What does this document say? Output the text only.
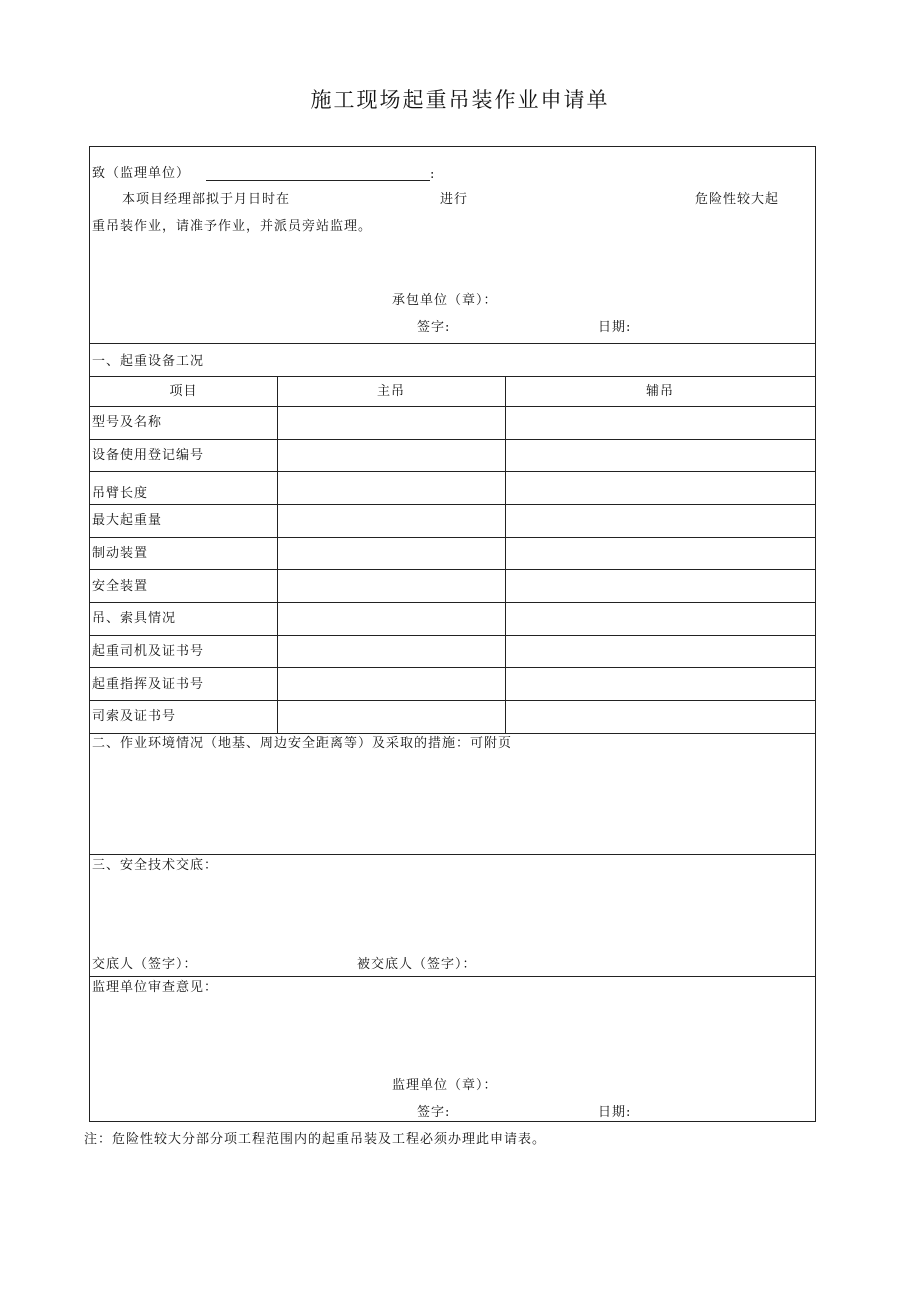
施工现场起重吊装作业申请单
致（监理单位）	:
本项目经理部拟于月日时在	进行	危险性较大起
重吊装作业，请准予作业，并派员旁站监理。
承包单位（章）：
签字:	日期:
一、起重设备工况
项目	主吊	辅吊
型号及名称
设备使用登记编号
吊臂长度
最大起重量
制动装置
安全装置
吊、索具情况
起重司机及证书号
起重指挥及证书号
司索及证书号
二、作业环境情况（地基、周边安全距离等）及采取的措施：可附页
三、安全技术交底：
交底人（签字）：	被交底人（签字）：
监理单位审查意见：
监理单位（章）：
签字:	日期:
注：危险性较大分部分项工程范围内的起重吊装及工程必须办理此申请表。
